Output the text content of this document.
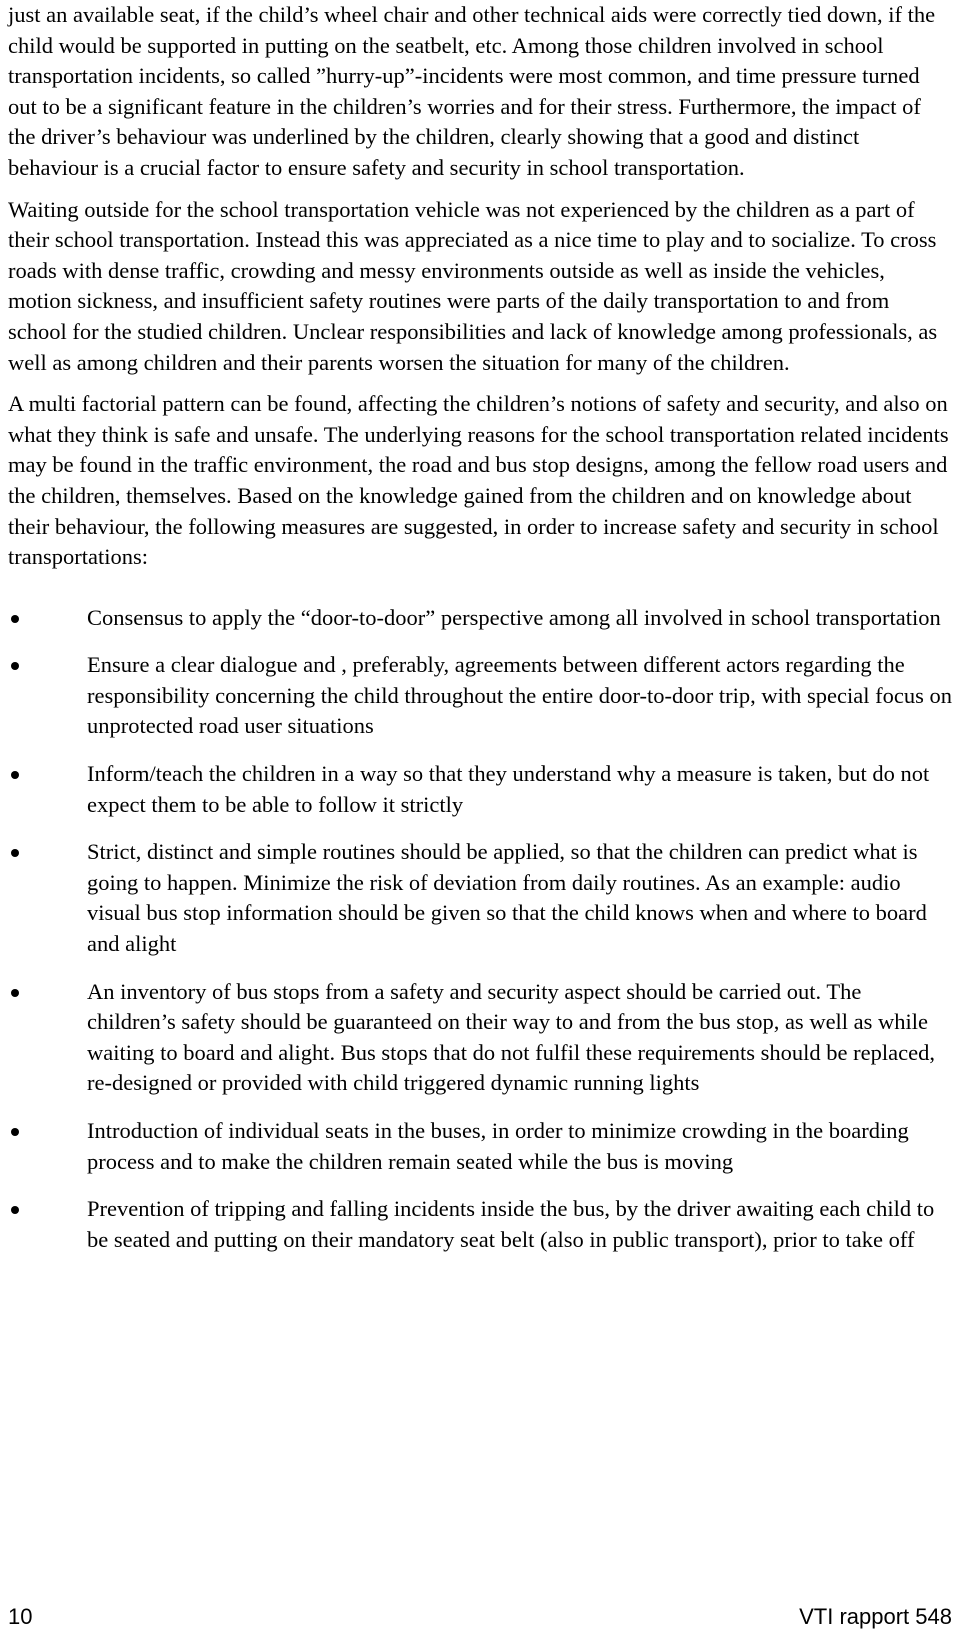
just an available seat, if the child’s wheel chair and other technical aids were correctly tied down, if the child would be supported in putting on the seatbelt, etc. Among those children involved in school transportation incidents, so called ”hurry-up”-incidents were most common, and time pressure turned out to be a significant feature in the children’s worries and for their stress. Furthermore, the impact of the driver’s behaviour was underlined by the children, clearly showing that a good and distinct behaviour is a crucial factor to ensure safety and security in school transportation.

Waiting outside for the school transportation vehicle was not experienced by the children as a part of their school transportation. Instead this was appreciated as a nice time to play and to socialize. To cross roads with dense traffic, crowding and messy environments outside as well as inside the vehicles, motion sickness, and insufficient safety routines were parts of the daily transportation to and from school for the studied children. Unclear responsibilities and lack of knowledge among professionals, as well as among children and their parents worsen the situation for many of the children.

A multi factorial pattern can be found, affecting the children’s notions of safety and security, and also on what they think is safe and unsafe. The underlying reasons for the school transportation related incidents may be found in the traffic environment, the road and bus stop designs, among the fellow road users and the children, themselves. Based on the knowledge gained from the children and on knowledge about their behaviour, the following measures are suggested, in order to increase safety and security in school transportations:

Consensus to apply the “door-to-door” perspective among all involved in school transportation
Ensure a clear dialogue and , preferably, agreements between different actors regarding the responsibility concerning the child throughout the entire door-to-door trip, with special focus on unprotected road user situations
Inform/teach the children in a way so that they understand why a measure is taken, but do not expect them to be able to follow it strictly
Strict, distinct and simple routines should be applied, so that the children can predict what is going to happen. Minimize the risk of deviation from daily routines. As an example: audio visual bus stop information should be given so that the child knows when and where to board and alight
An inventory of bus stops from a safety and security aspect should be carried out. The children’s safety should be guaranteed on their way to and from the bus stop, as well as while waiting to board and alight. Bus stops that do not fulfil these requirements should be replaced, re-designed or provided with child triggered dynamic running lights
Introduction of individual seats in the buses, in order to minimize crowding in the boarding process and to make the children remain seated while the bus is moving
Prevention of tripping and falling incidents inside the bus, by the driver awaiting each child to be seated and putting on their mandatory seat belt (also in public transport), prior to take off
10	VTI rapport 548
